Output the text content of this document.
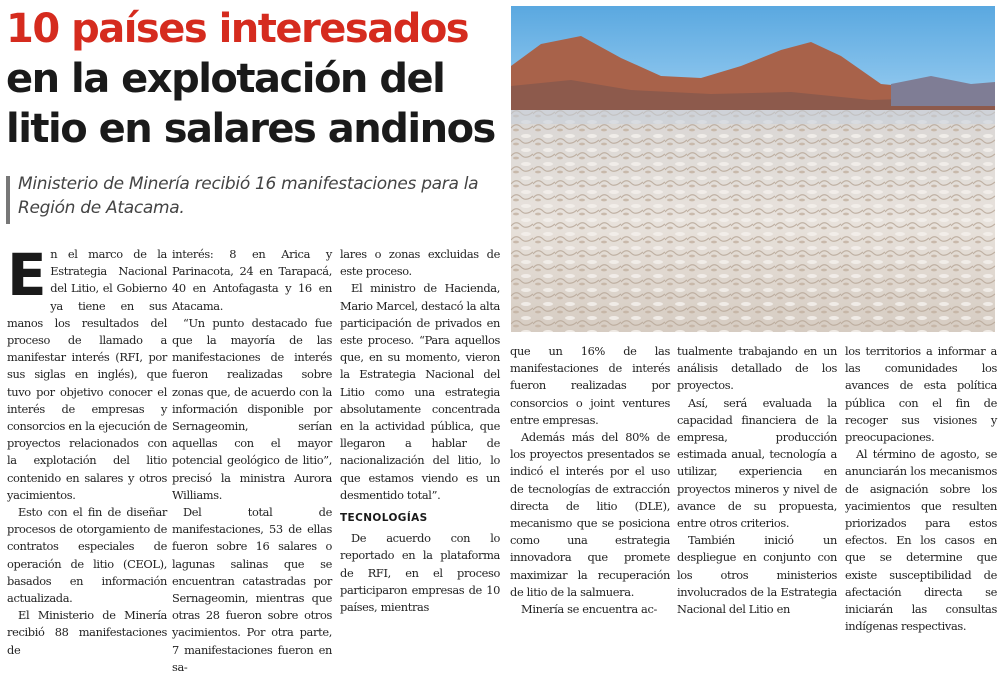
10 países interesados
en la explotación del
litio en salares andinos

Ministerio de Minería recibió 16 manifestaciones para la Región de Atacama.

En el marco de la Estrategia Nacional del Litio, el Gobierno ya tiene en sus manos los resultados del proceso de llamado a manifestar interés (RFI, por sus siglas en inglés), que tuvo por objetivo conocer el interés de empresas y consorcios en la ejecución de proyectos relacionados con la explotación del litio contenido en salares y otros yacimientos.

Esto con el fin de diseñar procesos de otorgamiento de contratos especiales de operación de litio (CEOL), basados en información actualizada.

El Ministerio de Minería recibió 88 manifestaciones de

interés: 8 en Arica y Parinacota, 24 en Tarapacá, 40 en Antofagasta y 16 en Atacama.

“Un punto destacado fue que la mayoría de las manifestaciones de interés fueron realizadas sobre zonas que, de acuerdo con la información disponible por Sernageomin, serían aquellas con el mayor potencial geológico de litio”, precisó la ministra Aurora Williams.

Del total de manifestaciones, 53 de ellas fueron sobre 16 salares o lagunas salinas que se encuentran catastradas por Sernageomin, mientras que otras 28 fueron sobre otros yacimientos. Por otra parte, 7 manifestaciones fueron en sa-

lares o zonas excluidas de este proceso.

El ministro de Hacienda, Mario Marcel, destacó la alta participación de privados en este proceso. “Para aquellos que, en su momento, vieron la Estrategia Nacional del Litio como una estrategia absolutamente concentrada en la actividad pública, que llegaron a hablar de nacionalización del litio, lo que estamos viendo es un desmentido total”.

TECNOLOGÍAS

De acuerdo con lo reportado en la plataforma de RFI, en el proceso participaron empresas de 10 países, mientras

que un 16% de las manifestaciones de interés fueron realizadas por consorcios o joint ventures entre empresas.

Además más del 80% de los proyectos presentados se indicó el interés por el uso de tecnologías de extracción directa de litio (DLE), mecanismo que se posiciona como una estrategia innovadora que promete maximizar la recuperación de litio de la salmuera.

Minería se encuentra ac-

tualmente trabajando en un análisis detallado de los proyectos.

Así, será evaluada la capacidad financiera de la empresa, producción estimada anual, tecnología a utilizar, experiencia en proyectos mineros y nivel de avance de su propuesta, entre otros criterios.

También inició un despliegue en conjunto con los otros ministerios involucrados de la Estrategia Nacional del Litio en

los territorios a informar a las comunidades los avances de esta política pública con el fin de recoger sus visiones y preocupaciones.

Al término de agosto, se anunciarán los mecanismos de asignación sobre los yacimientos que resulten priorizados para estos efectos. En los casos en que se determine que existe susceptibilidad de afectación directa se iniciarán las consultas indígenas respectivas.
